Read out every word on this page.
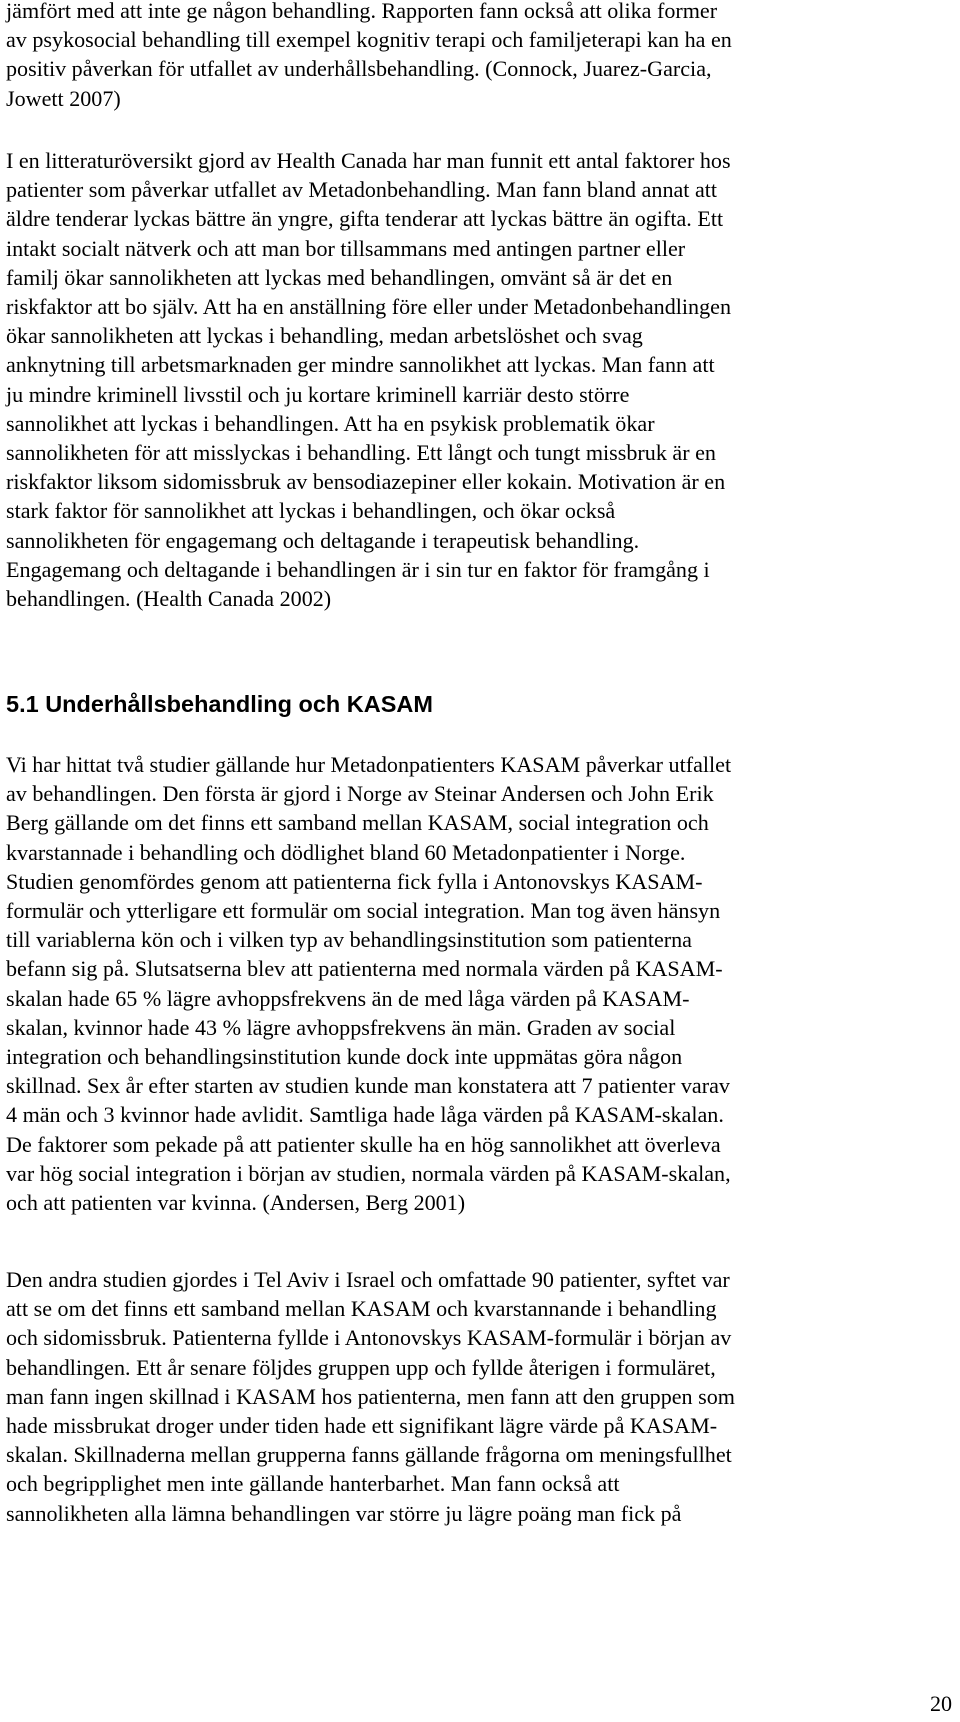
jämfört med att inte ge någon behandling. Rapporten fann också att olika former
av psykosocial behandling till exempel kognitiv terapi och familjeterapi kan ha en
positiv påverkan för utfallet av underhållsbehandling. (Connock, Juarez-Garcia,
Jowett 2007)
I en litteraturöversikt gjord av Health Canada har man funnit ett antal faktorer hos
patienter som påverkar utfallet av Metadonbehandling. Man fann bland annat att
äldre tenderar lyckas bättre än yngre, gifta tenderar att lyckas bättre än ogifta. Ett
intakt socialt nätverk och att man bor tillsammans med antingen partner eller
familj ökar sannolikheten att lyckas med behandlingen, omvänt så är det en
riskfaktor att bo själv. Att ha en anställning före eller under Metadonbehandlingen
ökar sannolikheten att lyckas i behandling, medan arbetslöshet och svag
anknytning till arbetsmarknaden ger mindre sannolikhet att lyckas. Man fann att
ju mindre kriminell livsstil och ju kortare kriminell karriär desto större
sannolikhet att lyckas i behandlingen. Att ha en psykisk problematik ökar
sannolikheten för att misslyckas i behandling. Ett långt och tungt missbruk är en
riskfaktor liksom sidomissbruk av bensodiazepiner eller kokain. Motivation är en
stark faktor för sannolikhet att lyckas i behandlingen, och ökar också
sannolikheten för engagemang och deltagande i terapeutisk behandling.
Engagemang och deltagande i behandlingen är i sin tur en faktor för framgång i
behandlingen. (Health Canada 2002)
5.1 Underhållsbehandling och KASAM
Vi har hittat två studier gällande hur Metadonpatienters KASAM påverkar utfallet
av behandlingen. Den första är gjord i Norge av Steinar Andersen och John Erik
Berg gällande om det finns ett samband mellan KASAM, social integration och
kvarstannade i behandling och dödlighet bland 60 Metadonpatienter i Norge.
Studien genomfördes genom att patienterna fick fylla i Antonovskys KASAM-
formulär och ytterligare ett formulär om social integration. Man tog även hänsyn
till variablerna kön och i vilken typ av behandlingsinstitution som patienterna
befann sig på. Slutsatserna blev att patienterna med normala värden på KASAM-
skalan hade 65 % lägre avhoppsfrekvens än de med låga värden på KASAM-
skalan, kvinnor hade 43 % lägre avhoppsfrekvens än män. Graden av social
integration och behandlingsinstitution kunde dock inte uppmätas göra någon
skillnad. Sex år efter starten av studien kunde man konstatera att 7 patienter varav
4 män och 3 kvinnor hade avlidit. Samtliga hade låga värden på KASAM-skalan.
De faktorer som pekade på att patienter skulle ha en hög sannolikhet att överleva
var hög social integration i början av studien, normala värden på KASAM-skalan,
och att patienten var kvinna. (Andersen, Berg 2001)
Den andra studien gjordes i Tel Aviv i Israel och omfattade 90 patienter, syftet var
att se om det finns ett samband mellan KASAM och kvarstannande i behandling
och sidomissbruk. Patienterna fyllde i Antonovskys KASAM-formulär i början av
behandlingen. Ett år senare följdes gruppen upp och fyllde återigen i formuläret,
man fann ingen skillnad i KASAM hos patienterna, men fann att den gruppen som
hade missbrukat droger under tiden hade ett signifikant lägre värde på KASAM-
skalan. Skillnaderna mellan grupperna fanns gällande frågorna om meningsfullhet
och begripplighet men inte gällande hanterbarhet. Man fann också att
sannolikheten alla lämna behandlingen var större ju lägre poäng man fick på
20
